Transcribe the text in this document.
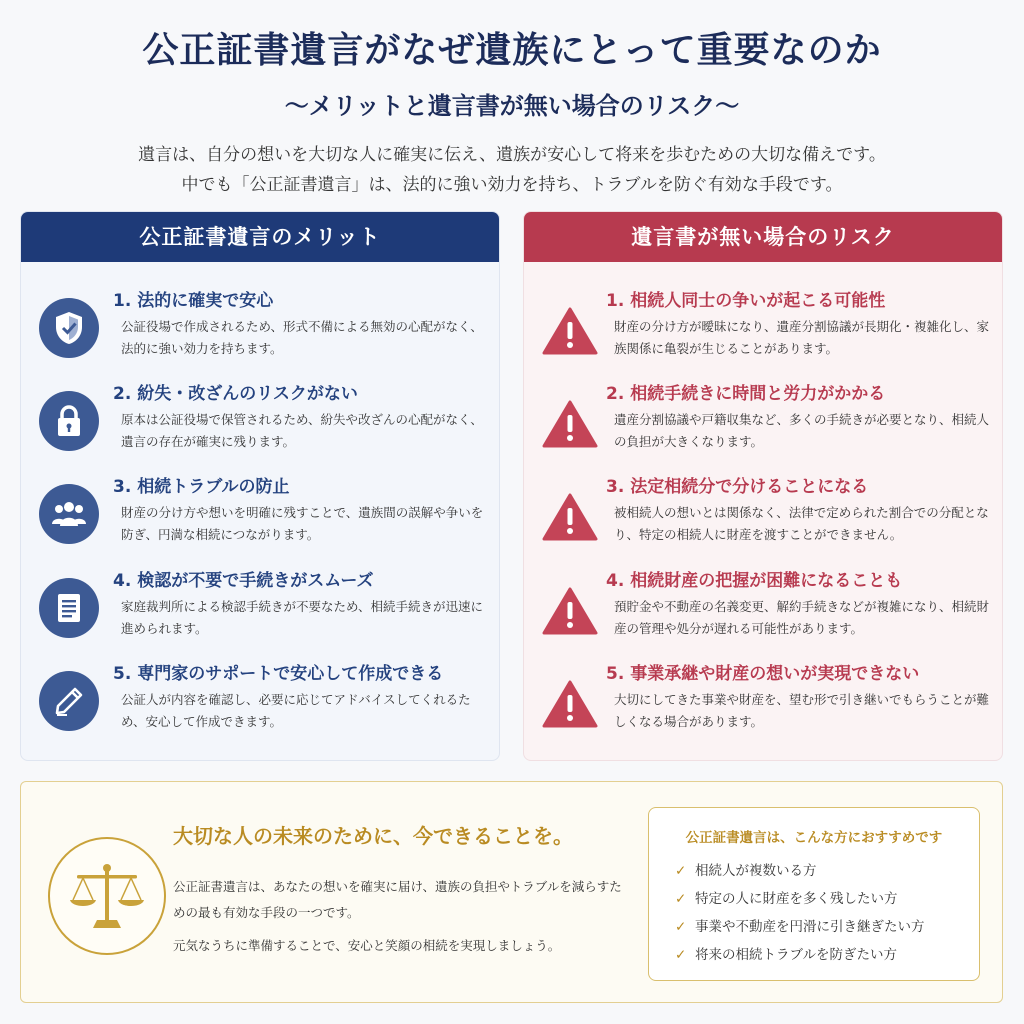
公正証書遺言がなぜ遺族にとって重要なのか
〜メリットと遺言書が無い場合のリスク〜
遺言は、自分の想いを大切な人に確実に伝え、遺族が安心して将来を歩むための大切な備えです。
中でも「公正証書遺言」は、法的に強い効力を持ち、トラブルを防ぐ有効な手段です。
公正証書遺言のメリット
1. 法的に確実で安心
公証役場で作成されるため、形式不備による無効の心配がなく、法的に強い効力を持ちます。
2. 紛失・改ざんのリスクがない
原本は公証役場で保管されるため、紛失や改ざんの心配がなく、遺言の存在が確実に残ります。
3. 相続トラブルの防止
財産の分け方や想いを明確に残すことで、遺族間の誤解や争いを防ぎ、円満な相続につながります。
4. 検認が不要で手続きがスムーズ
家庭裁判所による検認手続きが不要なため、相続手続きが迅速に進められます。
5. 専門家のサポートで安心して作成できる
公証人が内容を確認し、必要に応じてアドバイスしてくれるため、安心して作成できます。
遺言書が無い場合のリスク
1. 相続人同士の争いが起こる可能性
財産の分け方が曖昧になり、遺産分割協議が長期化・複雑化し、家族関係に亀裂が生じることがあります。
2. 相続手続きに時間と労力がかかる
遺産分割協議や戸籍収集など、多くの手続きが必要となり、相続人の負担が大きくなります。
3. 法定相続分で分けることになる
被相続人の想いとは関係なく、法律で定められた割合での分配となり、特定の相続人に財産を渡すことができません。
4. 相続財産の把握が困難になることも
預貯金や不動産の名義変更、解約手続きなどが複雑になり、相続財産の管理や処分が遅れる可能性があります。
5. 事業承継や財産の想いが実現できない
大切にしてきた事業や財産を、望む形で引き継いでもらうことが難しくなる場合があります。
大切な人の未来のために、今できることを。
公正証書遺言は、あなたの想いを確実に届け、遺族の負担やトラブルを減らすための最も有効な手段の一つです。
元気なうちに準備することで、安心と笑顔の相続を実現しましょう。
公正証書遺言は、こんな方におすすめです
✓ 相続人が複数いる方
✓ 特定の人に財産を多く残したい方
✓ 事業や不動産を円滑に引き継ぎたい方
✓ 将来の相続トラブルを防ぎたい方
